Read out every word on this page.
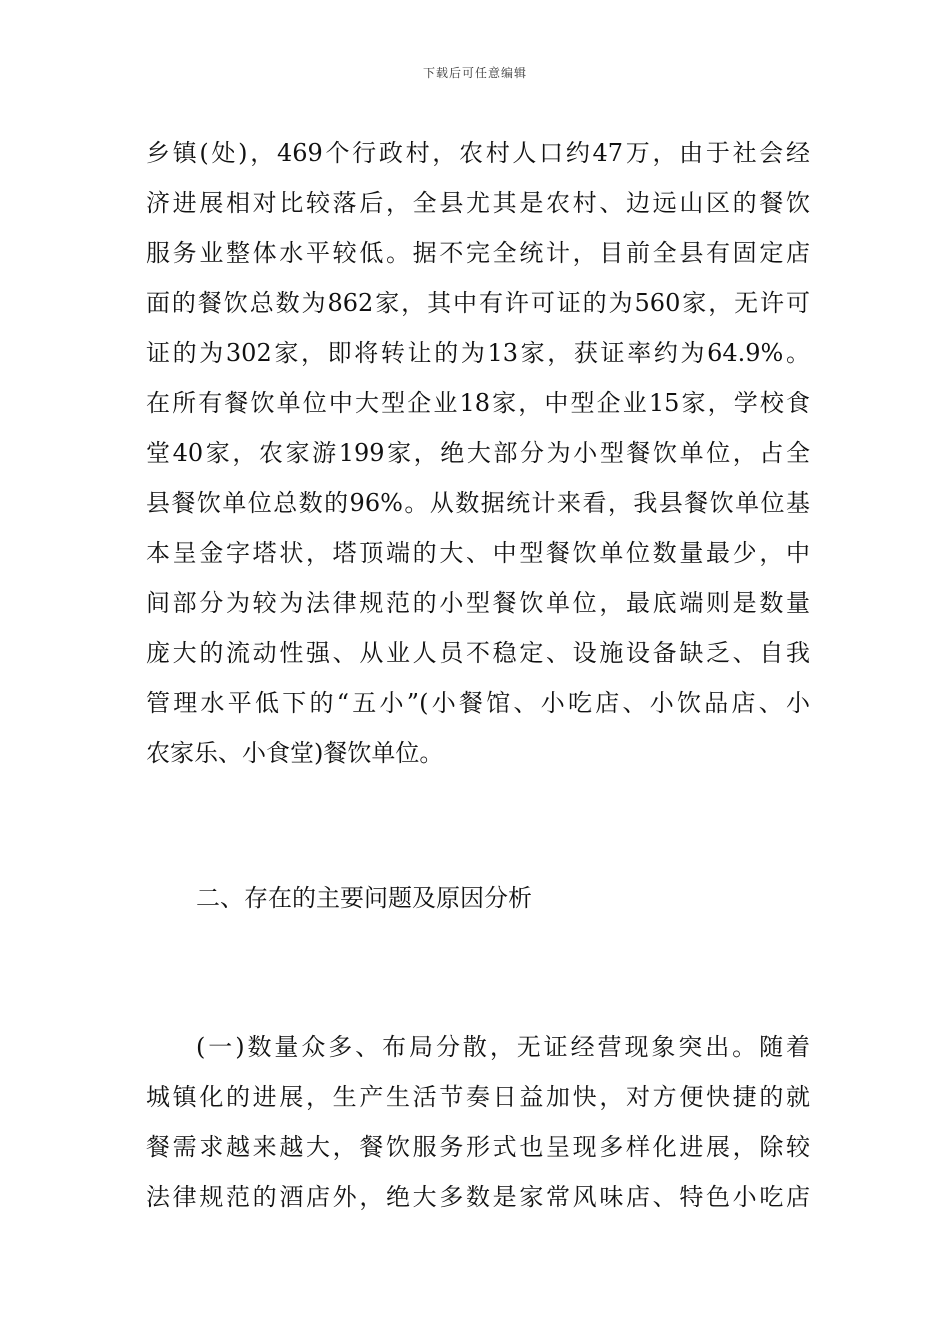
下载后可任意编辑
乡镇(处)，469个行政村，农村人口约47万，由于社会经
济进展相对比较落后，全县尤其是农村、边远山区的餐饮
服务业整体水平较低。据不完全统计，目前全县有固定店
面的餐饮总数为862家，其中有许可证的为560家，无许可
证的为302家，即将转让的为13家，获证率约为64.9%。
在所有餐饮单位中大型企业18家，中型企业15家，学校食
堂40家，农家游199家，绝大部分为小型餐饮单位，占全
县餐饮单位总数的96%。从数据统计来看，我县餐饮单位基
本呈金字塔状，塔顶端的大、中型餐饮单位数量最少，中
间部分为较为法律规范的小型餐饮单位，最底端则是数量
庞大的流动性强、从业人员不稳定、设施设备缺乏、自我
管理水平低下的“五小”(小餐馆、小吃店、小饮品店、小
农家乐、小食堂)餐饮单位。
二、存在的主要问题及原因分析
(一)数量众多、布局分散，无证经营现象突出。随着
城镇化的进展，生产生活节奏日益加快，对方便快捷的就
餐需求越来越大，餐饮服务形式也呈现多样化进展，除较
法律规范的酒店外，绝大多数是家常风味店、特色小吃店
